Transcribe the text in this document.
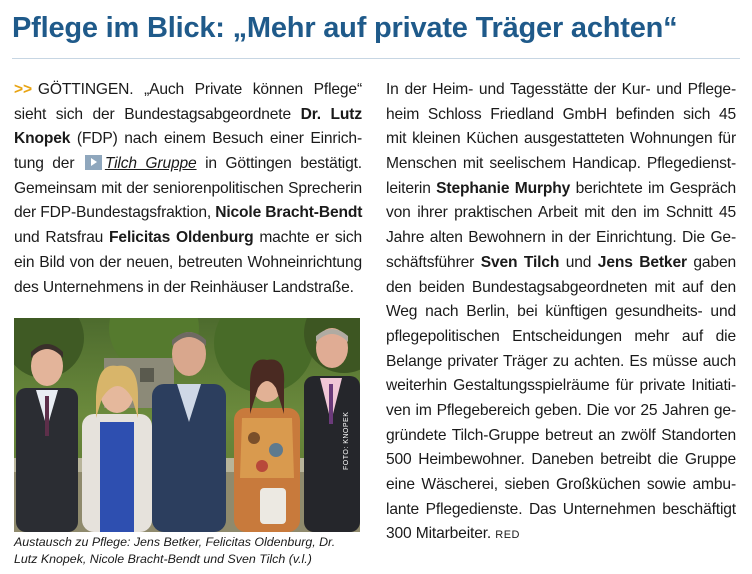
Pflege im Blick: „Mehr auf private Träger achten“
>> GÖTTINGEN. „Auch Private können Pflege“
sieht sich der Bundestagsabgeordnete Dr. Lutz
Knopek (FDP) nach einem Besuch einer Einrich-
tung der Tilch Gruppe in Göttingen bestätigt.
Gemeinsam mit der seniorenpolitischen Sprecherin
der FDP-Bundestagsfraktion, Nicole Bracht-Bendt
und Ratsfrau Felicitas Oldenburg machte er sich
ein Bild von der neuen, betreuten Wohneinrichtung
des Unternehmens in der Reinhäuser Landstraße.
FOTO: KNOPEK
Austausch zu Pflege: Jens Betker, Felicitas Oldenburg, Dr.
Lutz Knopek, Nicole Bracht-Bendt und Sven Tilch (v.l.)
In der Heim- und Tagesstätte der Kur- und Pflege-
heim Schloss Friedland GmbH befinden sich 45
mit kleinen Küchen ausgestatteten Wohnungen für
Menschen mit seelischem Handicap. Pflegedienst-
leiterin Stephanie Murphy berichtete im Gespräch
von ihrer praktischen Arbeit mit den im Schnitt 45
Jahre alten Bewohnern in der Einrichtung. Die Ge-
schäftsführer Sven Tilch und Jens Betker gaben
den beiden Bundestagsabgeordneten mit auf den
Weg nach Berlin, bei künftigen gesundheits- und
pflegepolitischen Entscheidungen mehr auf die
Belange privater Träger zu achten. Es müsse auch
weiterhin Gestaltungsspielräume für private Initiati-
ven im Pflegebereich geben. Die vor 25 Jahren ge-
gründete Tilch-Gruppe betreut an zwölf Standorten
500 Heimbewohner. Daneben betreibt die Gruppe
eine Wäscherei, sieben Großküchen sowie ambu-
lante Pflegedienste. Das Unternehmen beschäftigt
300 Mitarbeiter. RED
